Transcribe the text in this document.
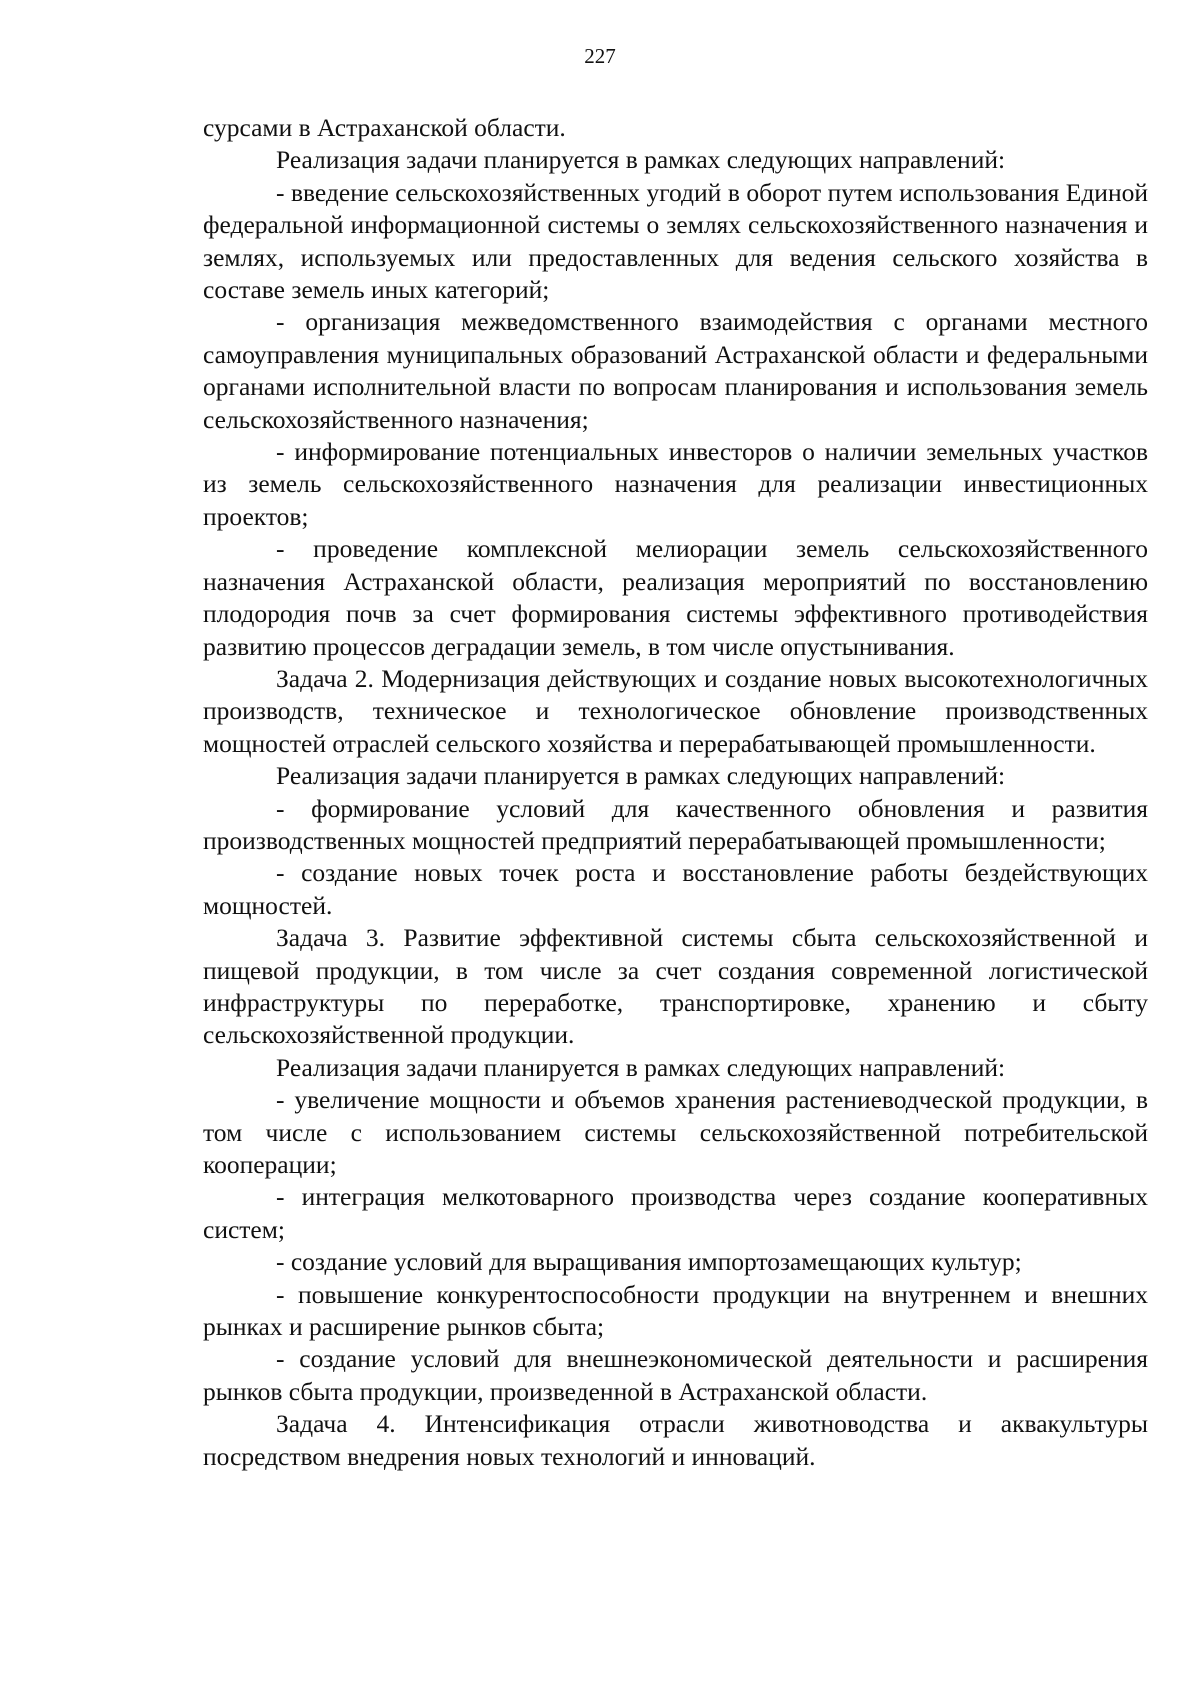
227

сурсами в Астраханской области.

Реализация задачи планируется в рамках следующих направлений:

- введение сельскохозяйственных угодий в оборот путем использования Единой федеральной информационной системы о землях сельскохозяйственного назначения и землях, используемых или предоставленных для ведения сельского хозяйства в составе земель иных категорий;

- организация межведомственного взаимодействия с органами местного самоуправления муниципальных образований Астраханской области и федеральными органами исполнительной власти по вопросам планирования и использования земель сельскохозяйственного назначения;

- информирование потенциальных инвесторов о наличии земельных участков из земель сельскохозяйственного назначения для реализации инвестиционных проектов;

- проведение комплексной мелиорации земель сельскохозяйственного назначения Астраханской области, реализация мероприятий по восстановлению плодородия почв за счет формирования системы эффективного противодействия развитию процессов деградации земель, в том числе опустынивания.

Задача 2. Модернизация действующих и создание новых высокотехнологичных производств, техническое и технологическое обновление производственных мощностей отраслей сельского хозяйства и перерабатывающей промышленности.

Реализация задачи планируется в рамках следующих направлений:

- формирование условий для качественного обновления и развития производственных мощностей предприятий перерабатывающей промышленности;

- создание новых точек роста и восстановление работы бездействующих мощностей.

Задача 3. Развитие эффективной системы сбыта сельскохозяйственной и пищевой продукции, в том числе за счет создания современной логистической инфраструктуры по переработке, транспортировке, хранению и сбыту сельскохозяйственной продукции.

Реализация задачи планируется в рамках следующих направлений:

- увеличение мощности и объемов хранения растениеводческой продукции, в том числе с использованием системы сельскохозяйственной потребительской кооперации;

- интеграция мелкотоварного производства через создание кооперативных систем;

- создание условий для выращивания импортозамещающих культур;

- повышение конкурентоспособности продукции на внутреннем и внешних рынках и расширение рынков сбыта;

- создание условий для внешнеэкономической деятельности и расширения рынков сбыта продукции, произведенной в Астраханской области.

Задача 4. Интенсификация отрасли животноводства и аквакультуры посредством внедрения новых технологий и инноваций.
